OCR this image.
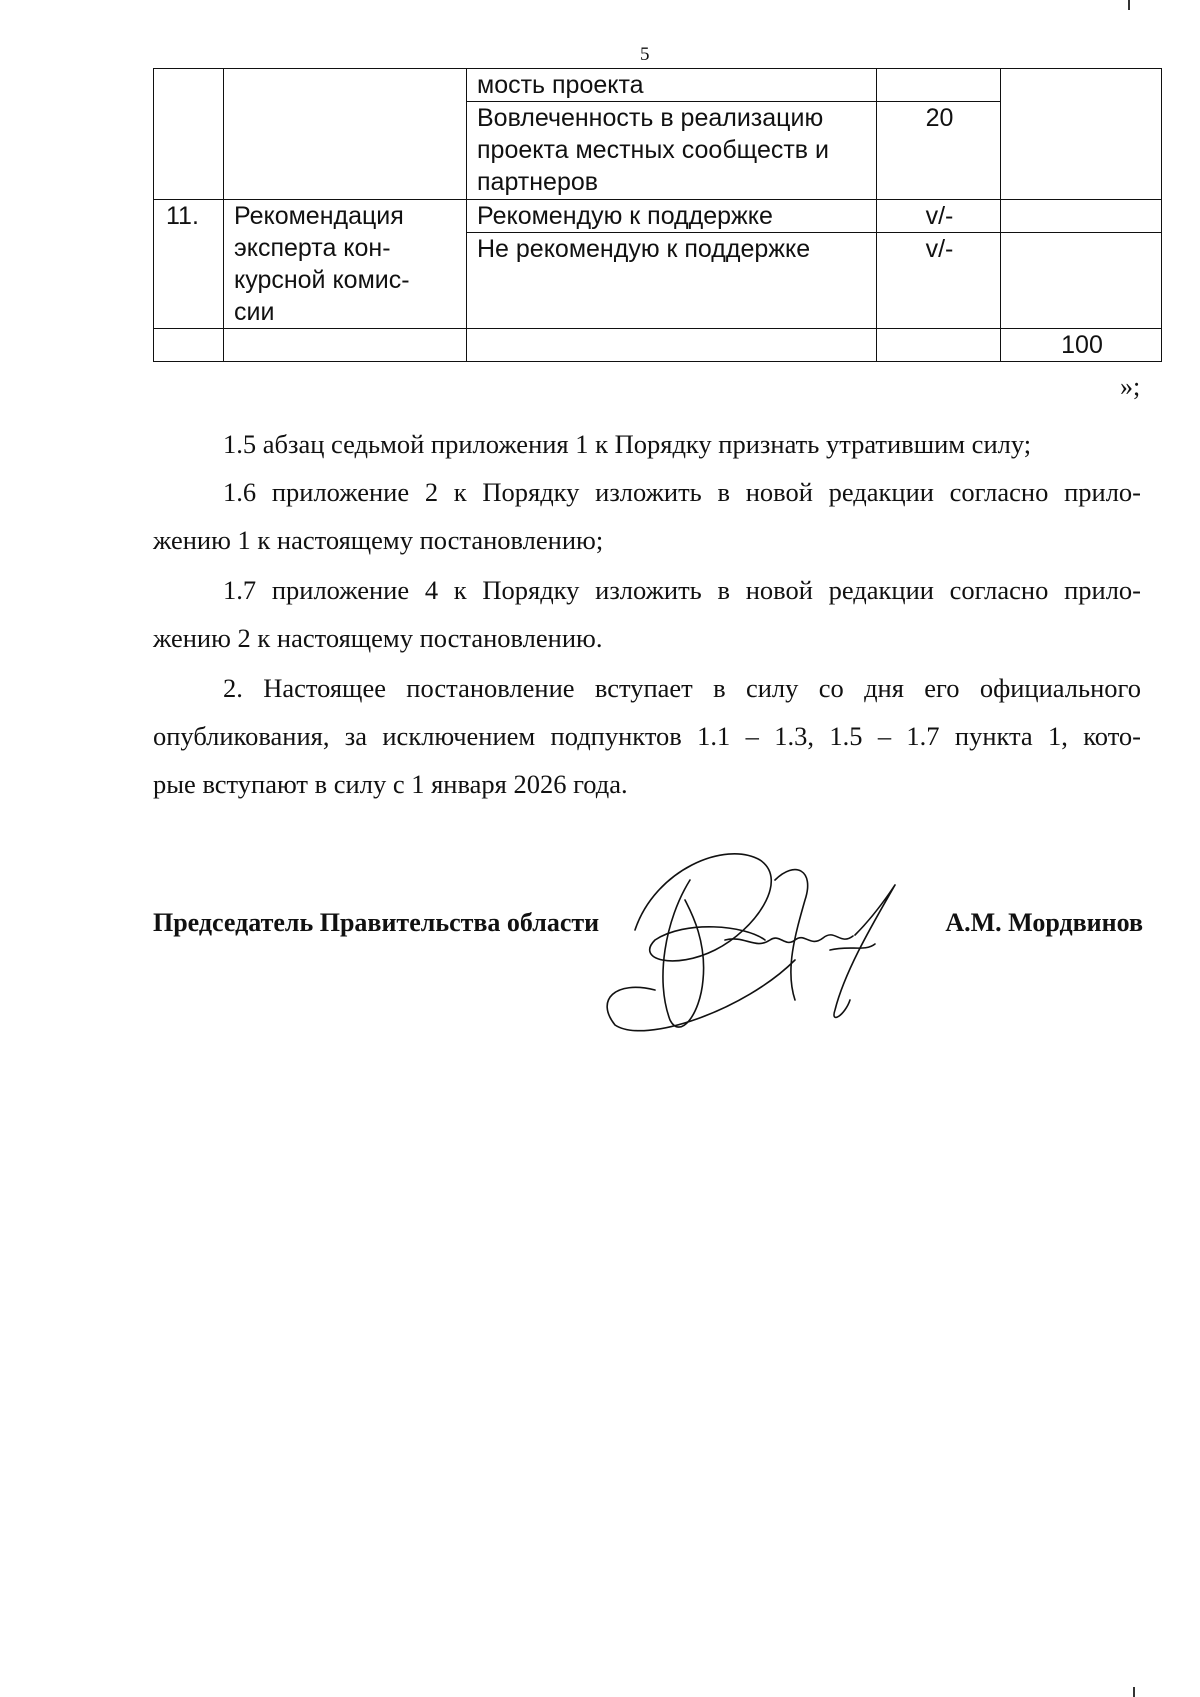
5
		мость проекта		

		Вовлеченность в реализацию
проекта местных сообществ и
партнеров	20	
11.	Рекомендация
эксперта кон-
курсной комис-
сии	Рекомендую к поддержке	v/-	
		Не рекомендую к поддержке	v/-	
				100
»;

1.5 абзац седьмой приложения 1 к Порядку признать утратившим силу;

1.6 приложение 2 к Порядку изложить в новой редакции согласно прило-
жению 1 к настоящему постановлению;

1.7 приложение 4 к Порядку изложить в новой редакции согласно прило-
жению 2 к настоящему постановлению.

2. Настоящее постановление вступает в силу со дня его официального
опубликования, за исключением подпунктов 1.1 – 1.3, 1.5 – 1.7 пункта 1, кото-
рые вступают в силу с 1 января 2026 года.

Председатель Правительства области	А.М. Мордвинов
